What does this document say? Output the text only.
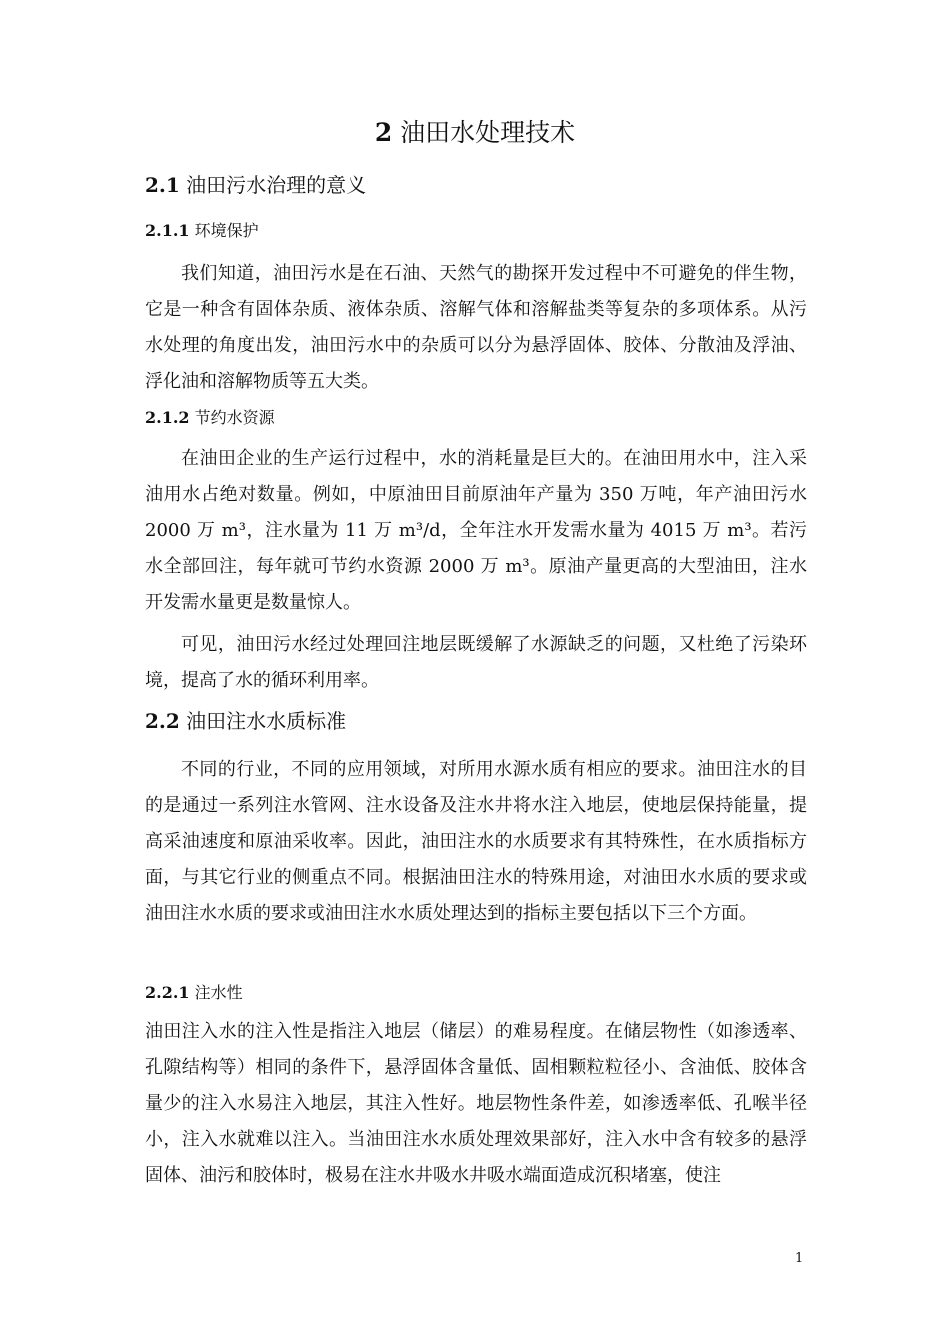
2 油田水处理技术
2.1 油田污水治理的意义
2.1.1 环境保护

我们知道，油田污水是在石油、天然气的勘探开发过程中不可避免的伴生物，它是一种含有固体杂质、液体杂质、溶解气体和溶解盐类等复杂的多项体系。从污水处理的角度出发，油田污水中的杂质可以分为悬浮固体、胶体、分散油及浮油、浮化油和溶解物质等五大类。

2.1.2 节约水资源

在油田企业的生产运行过程中，水的消耗量是巨大的。在油田用水中，注入采油用水占绝对数量。例如，中原油田目前原油年产量为 350 万吨，年产油田污水 2000 万 m³，注水量为 11 万 m³/d，全年注水开发需水量为 4015 万 m³。若污水全部回注，每年就可节约水资源 2000 万 m³。原油产量更高的大型油田，注水开发需水量更是数量惊人。

可见，油田污水经过处理回注地层既缓解了水源缺乏的问题，又杜绝了污染环境，提高了水的循环利用率。

2.2 油田注水水质标准

不同的行业，不同的应用领域，对所用水源水质有相应的要求。油田注水的目的是通过一系列注水管网、注水设备及注水井将水注入地层，使地层保持能量，提高采油速度和原油采收率。因此，油田注水的水质要求有其特殊性，在水质指标方面，与其它行业的侧重点不同。根据油田注水的特殊用途，对油田水水质的要求或油田注水水质的要求或油田注水水质处理达到的指标主要包括以下三个方面。

2.2.1 注水性

油田注入水的注入性是指注入地层（储层）的难易程度。在储层物性（如渗透率、孔隙结构等）相同的条件下，悬浮固体含量低、固相颗粒粒径小、含油低、胶体含量少的注入水易注入地层，其注入性好。地层物性条件差，如渗透率低、孔喉半径小，注入水就难以注入。当油田注水水质处理效果部好，注入水中含有较多的悬浮固体、油污和胶体时，极易在注水井吸水井吸水端面造成沉积堵塞，使注

1
